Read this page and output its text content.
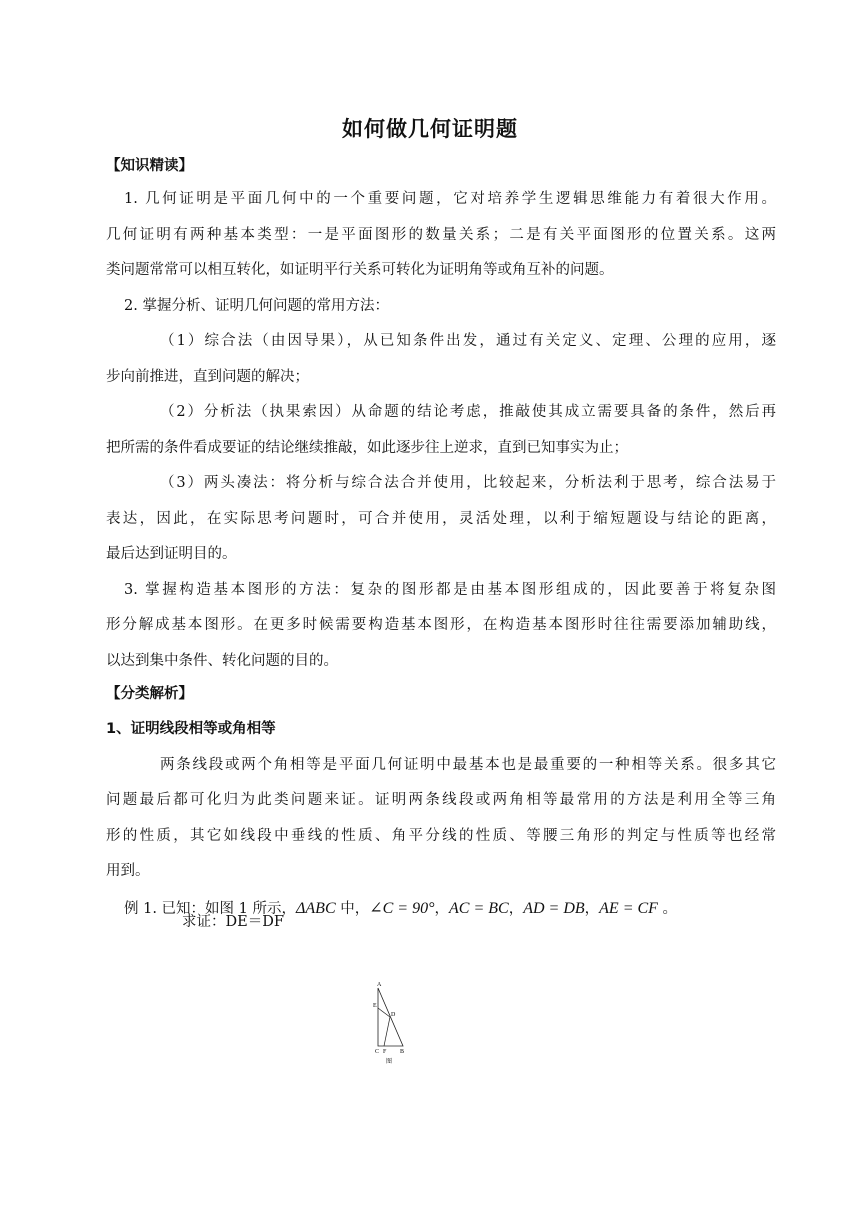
如何做几何证明题
【知识精读】
1. 几何证明是平面几何中的一个重要问题，它对培养学生逻辑思维能力有着很大作用。
几何证明有两种基本类型：一是平面图形的数量关系；二是有关平面图形的位置关系。这两
类问题常常可以相互转化，如证明平行关系可转化为证明角等或角互补的问题。
2. 掌握分析、证明几何问题的常用方法：
（1）综合法（由因导果），从已知条件出发，通过有关定义、定理、公理的应用，逐
步向前推进，直到问题的解决；
（2）分析法（执果索因）从命题的结论考虑，推敲使其成立需要具备的条件，然后再
把所需的条件看成要证的结论继续推敲，如此逐步往上逆求，直到已知事实为止；
（3）两头凑法：将分析与综合法合并使用，比较起来，分析法利于思考，综合法易于
表达，因此，在实际思考问题时，可合并使用，灵活处理，以利于缩短题设与结论的距离，
最后达到证明目的。
3. 掌握构造基本图形的方法：复杂的图形都是由基本图形组成的，因此要善于将复杂图
形分解成基本图形。在更多时候需要构造基本图形，在构造基本图形时往往需要添加辅助线，
以达到集中条件、转化问题的目的。
【分类解析】
1、证明线段相等或角相等
两条线段或两个角相等是平面几何证明中最基本也是最重要的一种相等关系。很多其它
问题最后都可化归为此类问题来证。证明两条线段或两角相等最常用的方法是利用全等三角
形的性质，其它如线段中垂线的性质、角平分线的性质、等腰三角形的判定与性质等也经常
用到。
例 1. 已知：如图 1 所示，ΔABC 中，∠C = 90°，AC = BC，AD = DB，AE = CF 。
求证：DE＝DF
A
E
D
C F B
图
